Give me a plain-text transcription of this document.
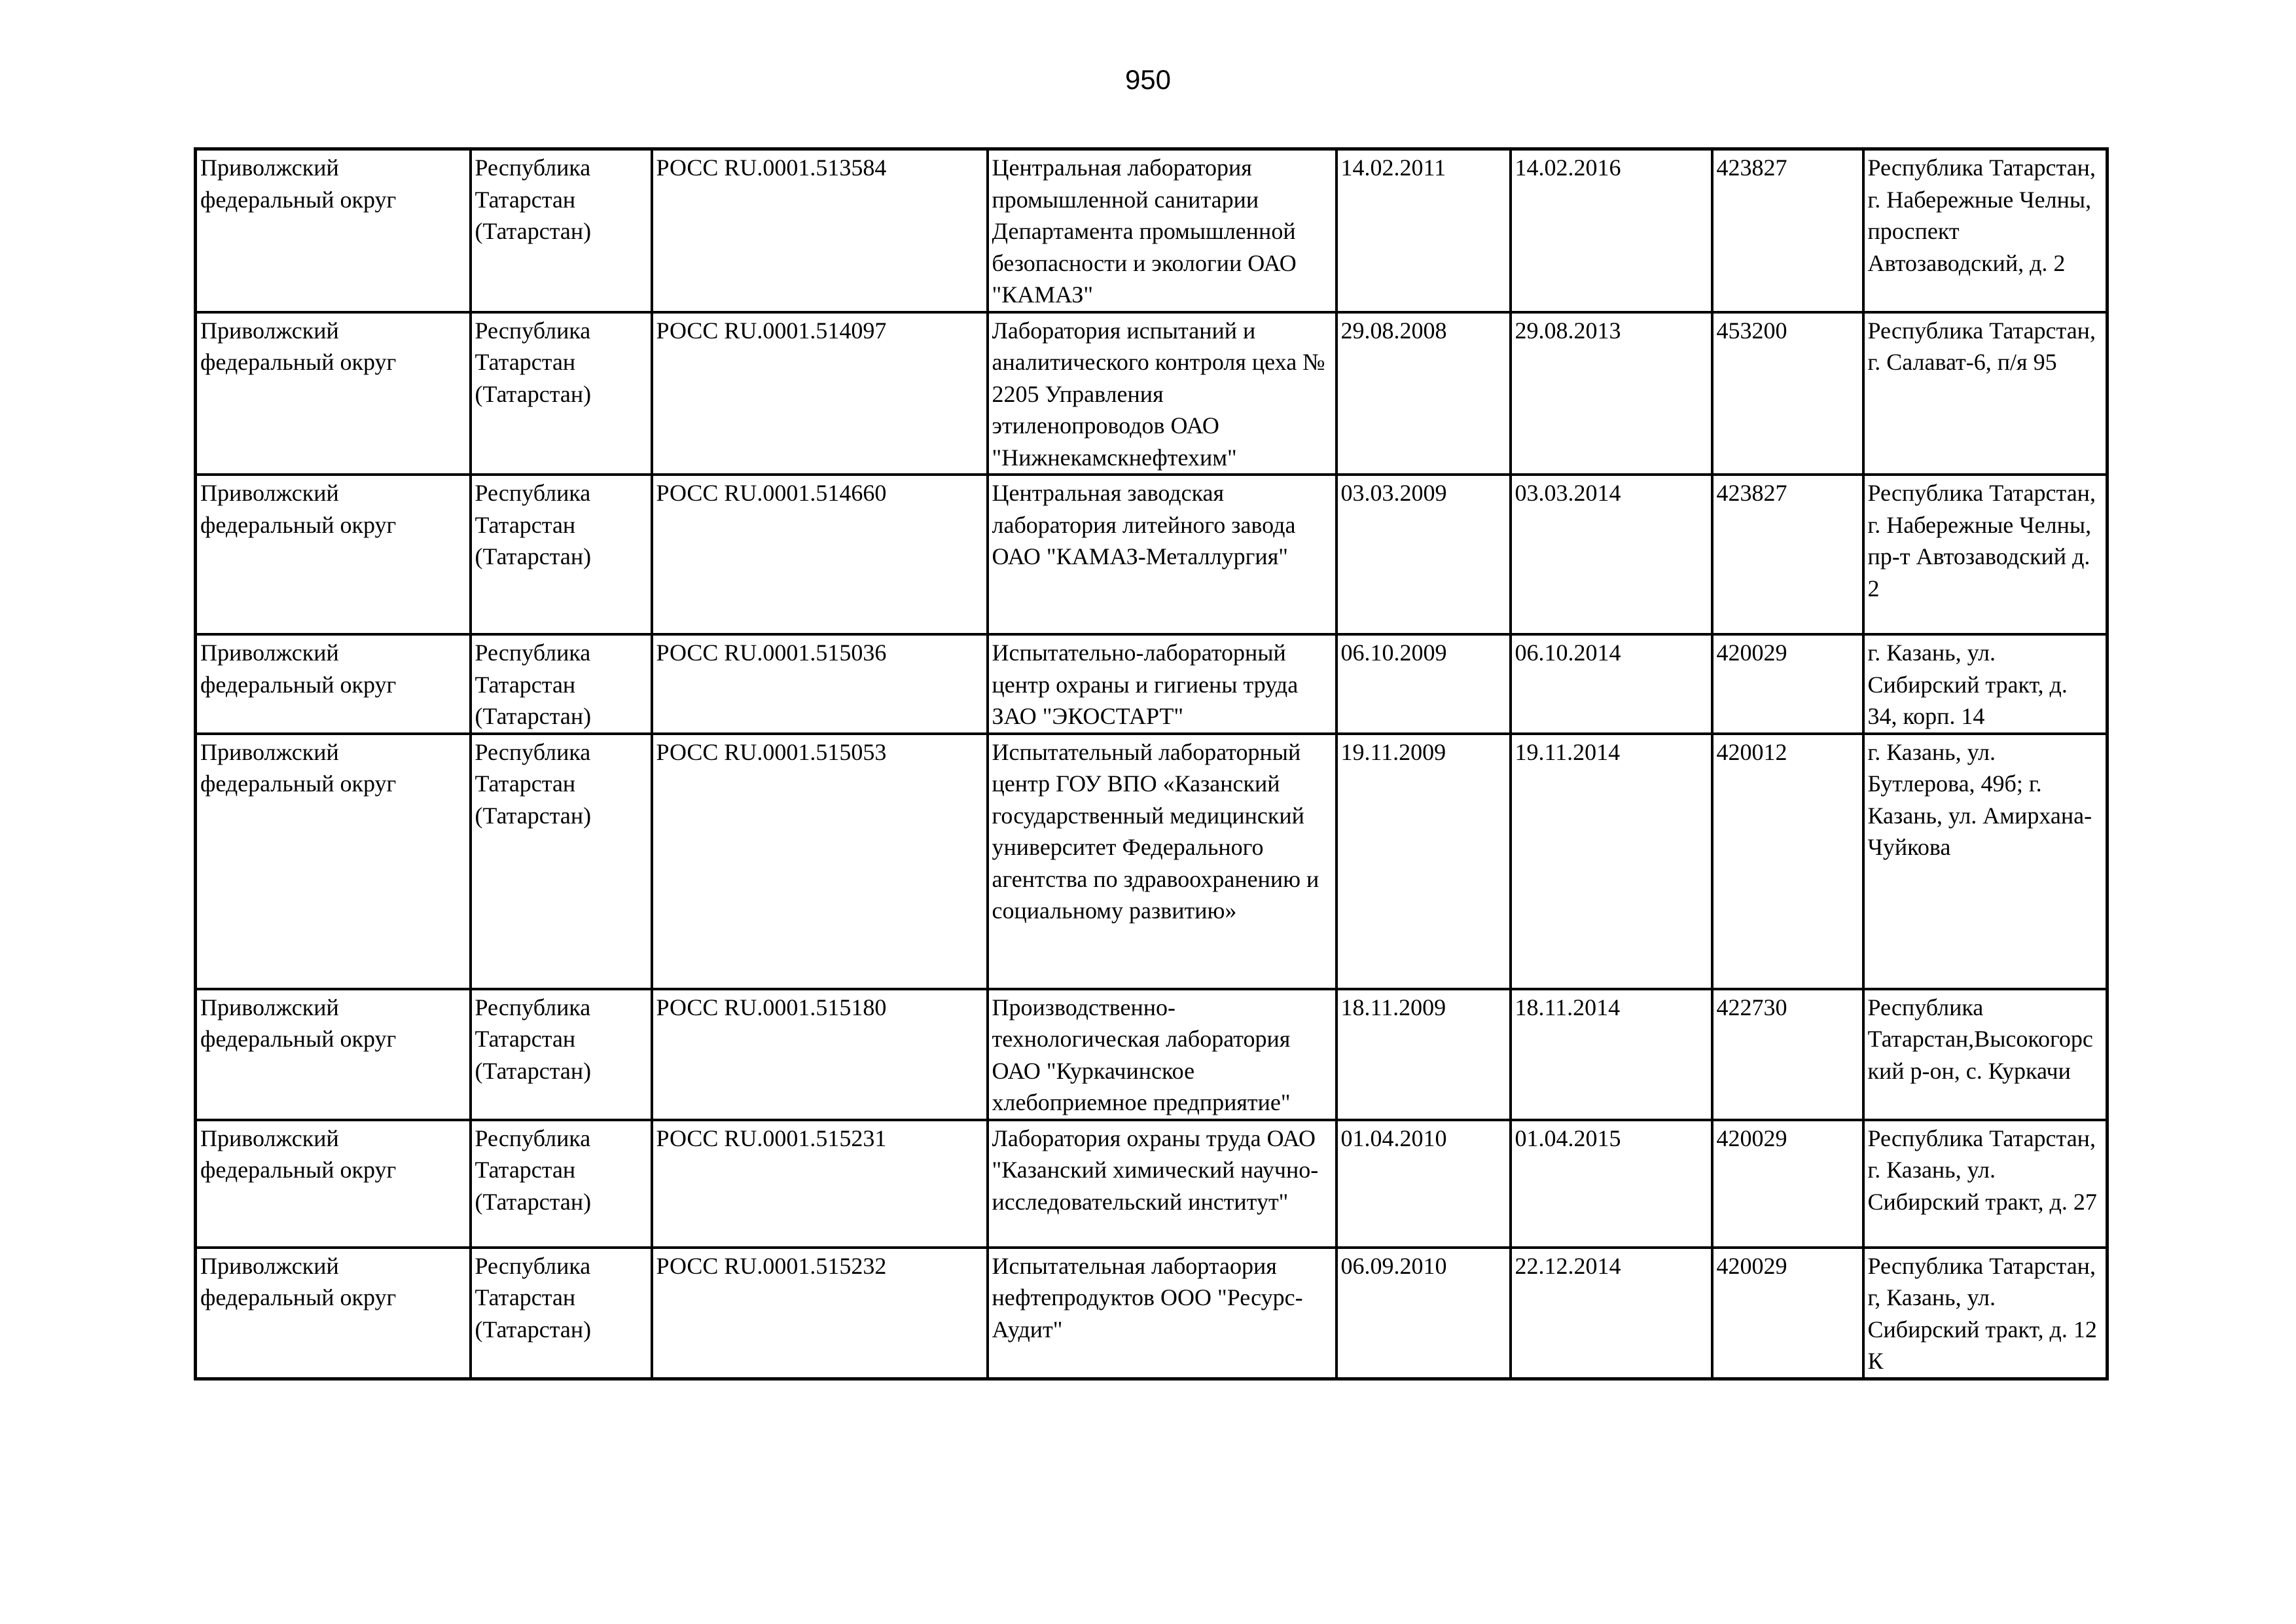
950
Приволжский федеральный округ	Республика Татарстан (Татарстан)	РОСС RU.0001.513584	Центральная лаборатория промышленной санитарии Департамента промышленной безопасности и экологии ОАО "КАМАЗ"	14.02.2011	14.02.2016	423827	Республика Татарстан, г. Набережные Челны, проспект Автозаводский, д. 2
Приволжский федеральный округ	Республика Татарстан (Татарстан)	РОСС RU.0001.514097	Лаборатория испытаний и аналитического контроля цеха № 2205 Управления этиленопроводов ОАО "Нижнекамскнефтехим"	29.08.2008	29.08.2013	453200	Республика Татарстан, г. Салават-6, п/я 95
Приволжский федеральный округ	Республика Татарстан (Татарстан)	РОСС RU.0001.514660	Центральная заводская лаборатория литейного завода ОАО "КАМАЗ-Металлургия"	03.03.2009	03.03.2014	423827	Республика Татарстан, г. Набережные Челны, пр-т Автозаводский д. 2
Приволжский федеральный округ	Республика Татарстан (Татарстан)	РОСС RU.0001.515036	Испытательно-лабораторный центр охраны и гигиены труда ЗАО "ЭКОСТАРТ"	06.10.2009	06.10.2014	420029	г. Казань, ул. Сибирский тракт, д. 34, корп. 14
Приволжский федеральный округ	Республика Татарстан (Татарстан)	РОСС RU.0001.515053	Испытательный лабораторный центр ГОУ ВПО «Казанский государственный медицинский университет Федерального агентства по здравоохранению и социальному развитию»	19.11.2009	19.11.2014	420012	г. Казань, ул. Бутлерова, 49б; г. Казань, ул. Амирхана-Чуйкова
Приволжский федеральный округ	Республика Татарстан (Татарстан)	РОСС RU.0001.515180	Производственно-технологическая лаборатория ОАО "Куркачинское хлебоприемное предприятие"	18.11.2009	18.11.2014	422730	Республика Татарстан,Высокогорский р-он, с. Куркачи
Приволжский федеральный округ	Республика Татарстан (Татарстан)	РОСС RU.0001.515231	Лаборатория охраны труда ОАО "Казанский химический научно-исследовательский институт"	01.04.2010	01.04.2015	420029	Республика Татарстан, г. Казань, ул. Сибирский тракт, д. 27
Приволжский федеральный округ	Республика Татарстан (Татарстан)	РОСС RU.0001.515232	Испытательная лабортаория нефтепродуктов ООО "Ресурс-Аудит"	06.09.2010	22.12.2014	420029	Республика Татарстан, г, Казань, ул. Сибирский тракт, д. 12 К
